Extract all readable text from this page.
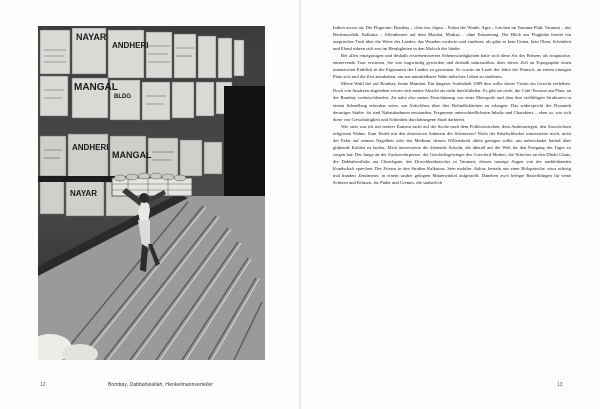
NAYAR
ANDHERI
MANGAL
BLDG
ANDHERI
MANGAL
NAYAR
12	Bombay, Dabbahwallah, Henkelmannverteiler

Indien across air. Die Flugroute: Bombay – clear tea, Jaipur – Palast der Winde, Agra – Leichen im Yamuna-Fluß, Varanasi – der Bestimwallah, Kalkutta – Affentheater auf dem Maidan, Madras… ohne Erinnerung. Der Blick aus Flughöhe breitet ein aseptisches Tuch über die Weite des Landes, das Wunden verdeckt und einebnet; als gäbe es kein Unten, kein Oben, Schönheit und Elend rühren sich erst im Herabgleiten in den Moloch der Städte.

Bei allen einzigartigen und deshalb erstrebenswerten Sehenswürdigkeiten hatte sich diese Art des Reisens als strapaziöse, entnervende Tour erwiesen. Sie war fragwürdig geworden und deshalb unbrauchbar, über dieses Ziel an Topographie einen intensiveren Einblick in die Eigenarten des Landes zu gewinnen. So wuchs im Laufe der Jahre der Wunsch, an einem einzigen Platz sich und die Zeit anzuhalten, um aus unmittelbarer Nähe indisches Leben zu studieren.

Meine Wahl fiel auf Bombay, heute Mumbai. Ein längerer Aufenthalt 1989 dort sollte dieser Vision ein Gesicht verleihen. Doch von Ansätzen abgesehen erwies sich meine Absicht als nicht durchführbar. Es gibt sie nicht, die Café-Terrasse am Platz, an der Bombay vorbeischlendert. Zu nahe also meine Einschätzung von einer Metropole und dass ihre vielfältigen Strukturen in einem Schnellzug erfassbar seien, um Aufschluss über ihre Befindlichkeiten zu erlangen. Das widerspricht der Dynamik derartiger Städte. So sind Nahaufnahmen entstanden, Fragmente unterschiedlichsten Inhalts und Charakters – eben so, wie sich diese von Gewalttätigkeit und Schönheit durchdrungene Stadt darbietet.

Wie stets war ich mit meiner Kamera nicht auf der Suche nach dem Folkloristischen, dem Andersartigen, den Auswüchsen religiösen Wahns. Zum Teufel mit den obsessiven Anbetern des Schmerzes! Nicht der Säbelschlucker interessierte mich, nicht der Fakir auf seinem Nagelbett oder das Medium, dessen Willenskraft allein genügen sollte, um unbeschadet barfuß über glühende Kohlen zu laufen. Mich interessierte die dienende Schicht, die überall auf der Welt für den Fortgang des Tages zu sorgen hat: Der Junge an der Zuckerrohrpresse, der Geschäftsgewiegte des Crawford Market, die Wäscher an den Dhobi Ghats, die Dabbahwallahs am Churchgate, der Droschkenkutscher in Varanasi, dessen traurige Augen von der ausbleibenden Kundschaft sprechen. Der Friseur in den Straßen Kalkuttas. Sein mobiler ›Salon‹ besteht aus einer Holzpritsche, etwa achtzig mal hundert Zentimeter, in einem sauber gelegten Mauerwinkel aufgestellt. Daneben zwei belegte Rasierklingen für seine Scheren und Klinsen, für Puder und Cremes, die säuberlich

13
